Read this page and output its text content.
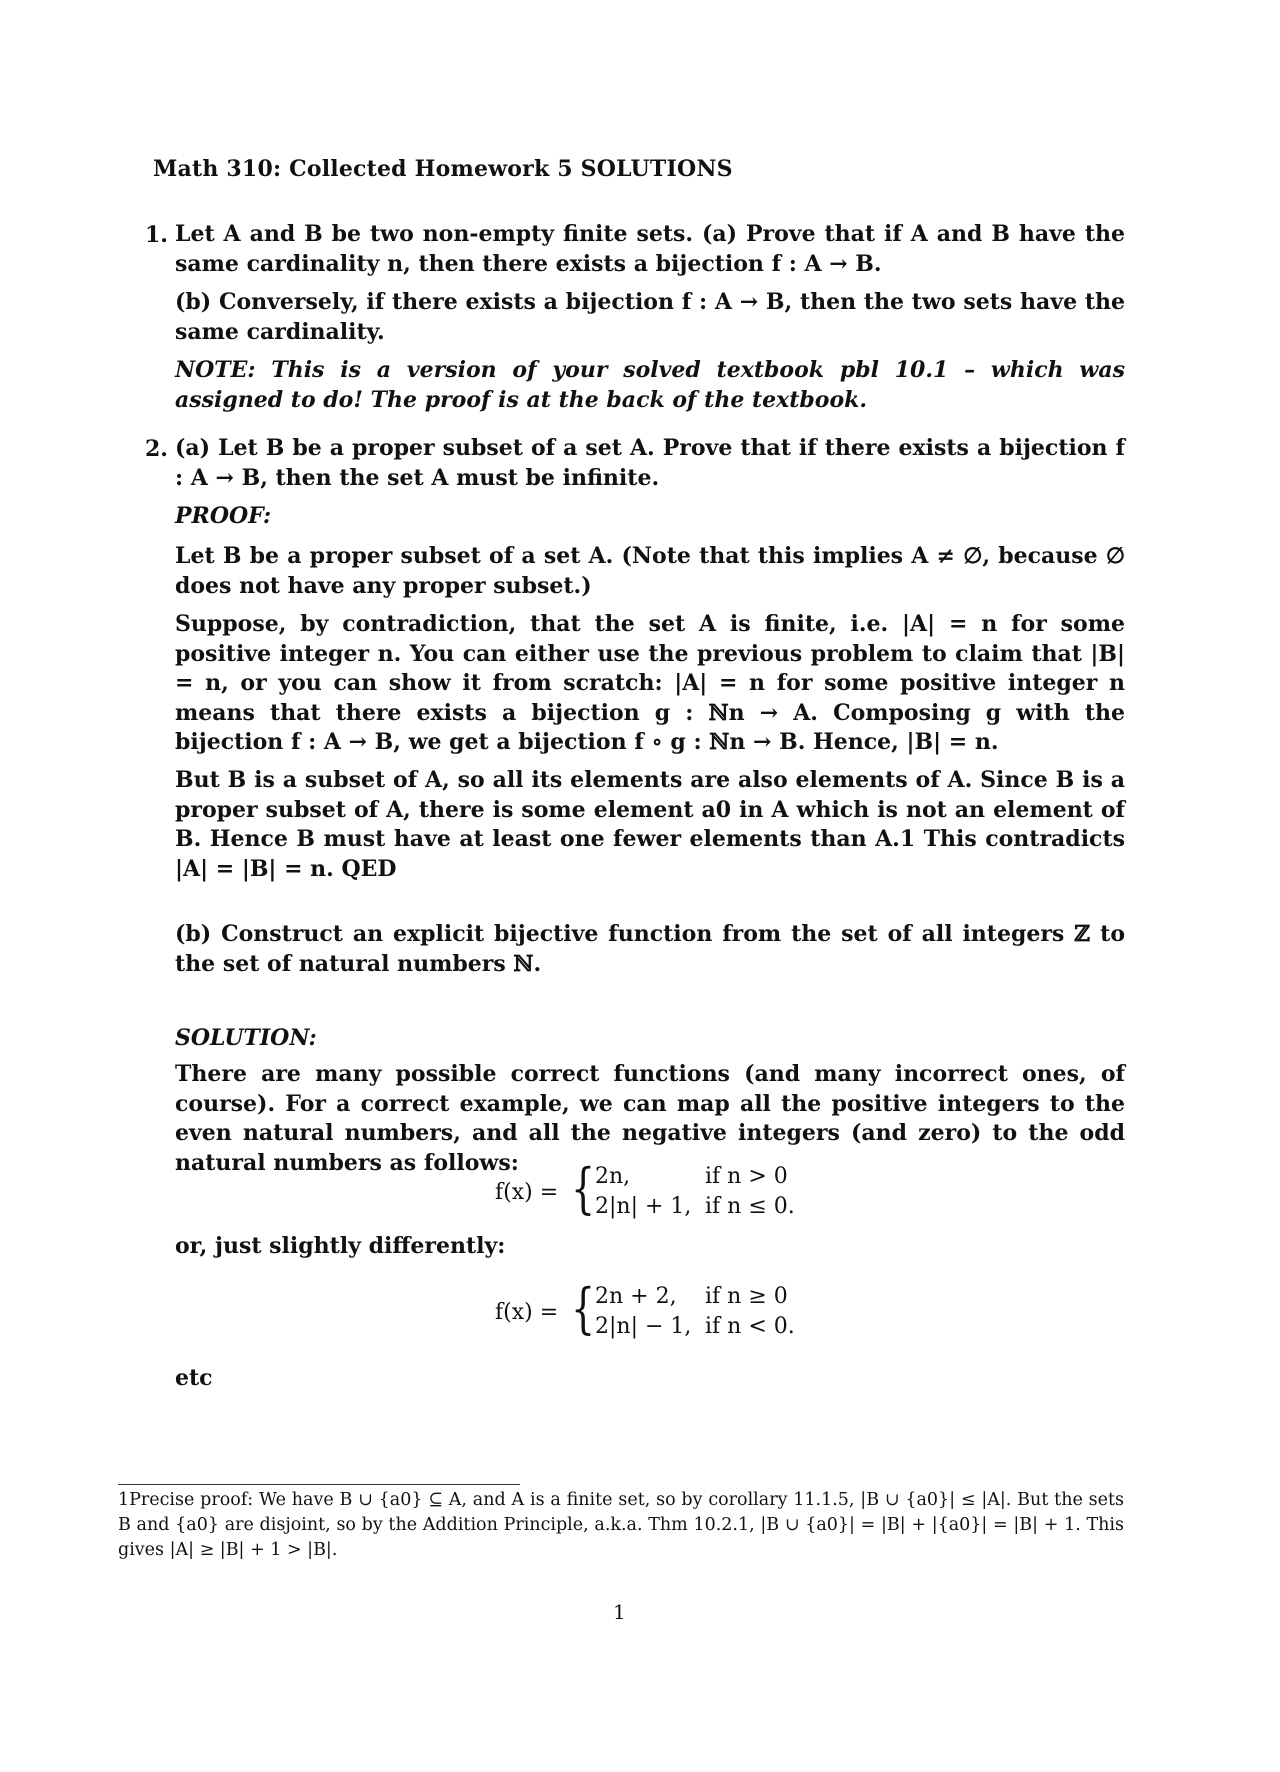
Math 310: Collected Homework 5 SOLUTIONS
1. Let A and B be two non-empty finite sets. (a) Prove that if A and B have the same cardinality n, then there exists a bijection f : A → B.
(b) Conversely, if there exists a bijection f : A → B, then the two sets have the same cardinality.
NOTE: This is a version of your solved textbook pbl 10.1 – which was assigned to do! The proof is at the back of the textbook.
2. (a) Let B be a proper subset of a set A. Prove that if there exists a bijection f : A → B, then the set A must be infinite.
PROOF:
Let B be a proper subset of a set A. (Note that this implies A ≠ ∅, because ∅ does not have any proper subset.)
Suppose, by contradiction, that the set A is finite, i.e. |A| = n for some positive integer n. You can either use the previous problem to claim that |B| = n, or you can show it from scratch: |A| = n for some positive integer n means that there exists a bijection g : ℕn → A. Composing g with the bijection f : A → B, we get a bijection f ∘ g : ℕn → B. Hence, |B| = n.
But B is a subset of A, so all its elements are also elements of A. Since B is a proper subset of A, there is some element a0 in A which is not an element of B. Hence B must have at least one fewer elements than A.1 This contradicts |A| = |B| = n. QED
(b) Construct an explicit bijective function from the set of all integers ℤ to the set of natural numbers ℕ.
SOLUTION:
There are many possible correct functions (and many incorrect ones, of course). For a correct example, we can map all the positive integers to the even natural numbers, and all the negative integers (and zero) to the odd natural numbers as follows:
f(x) = { 2n,	if n > 0
2|n| + 1, if n ≤ 0.
or, just slightly differently:
f(x) = { 2n + 2, if n ≥ 0
2|n| − 1, if n < 0.
etc
1Precise proof: We have B ∪ {a0} ⊆ A, and A is a finite set, so by corollary 11.1.5, |B ∪ {a0}| ≤ |A|. But the sets B and {a0} are disjoint, so by the Addition Principle, a.k.a. Thm 10.2.1, |B ∪ {a0}| = |B| + |{a0}| = |B| + 1. This gives |A| ≥ |B| + 1 > |B|.
1
